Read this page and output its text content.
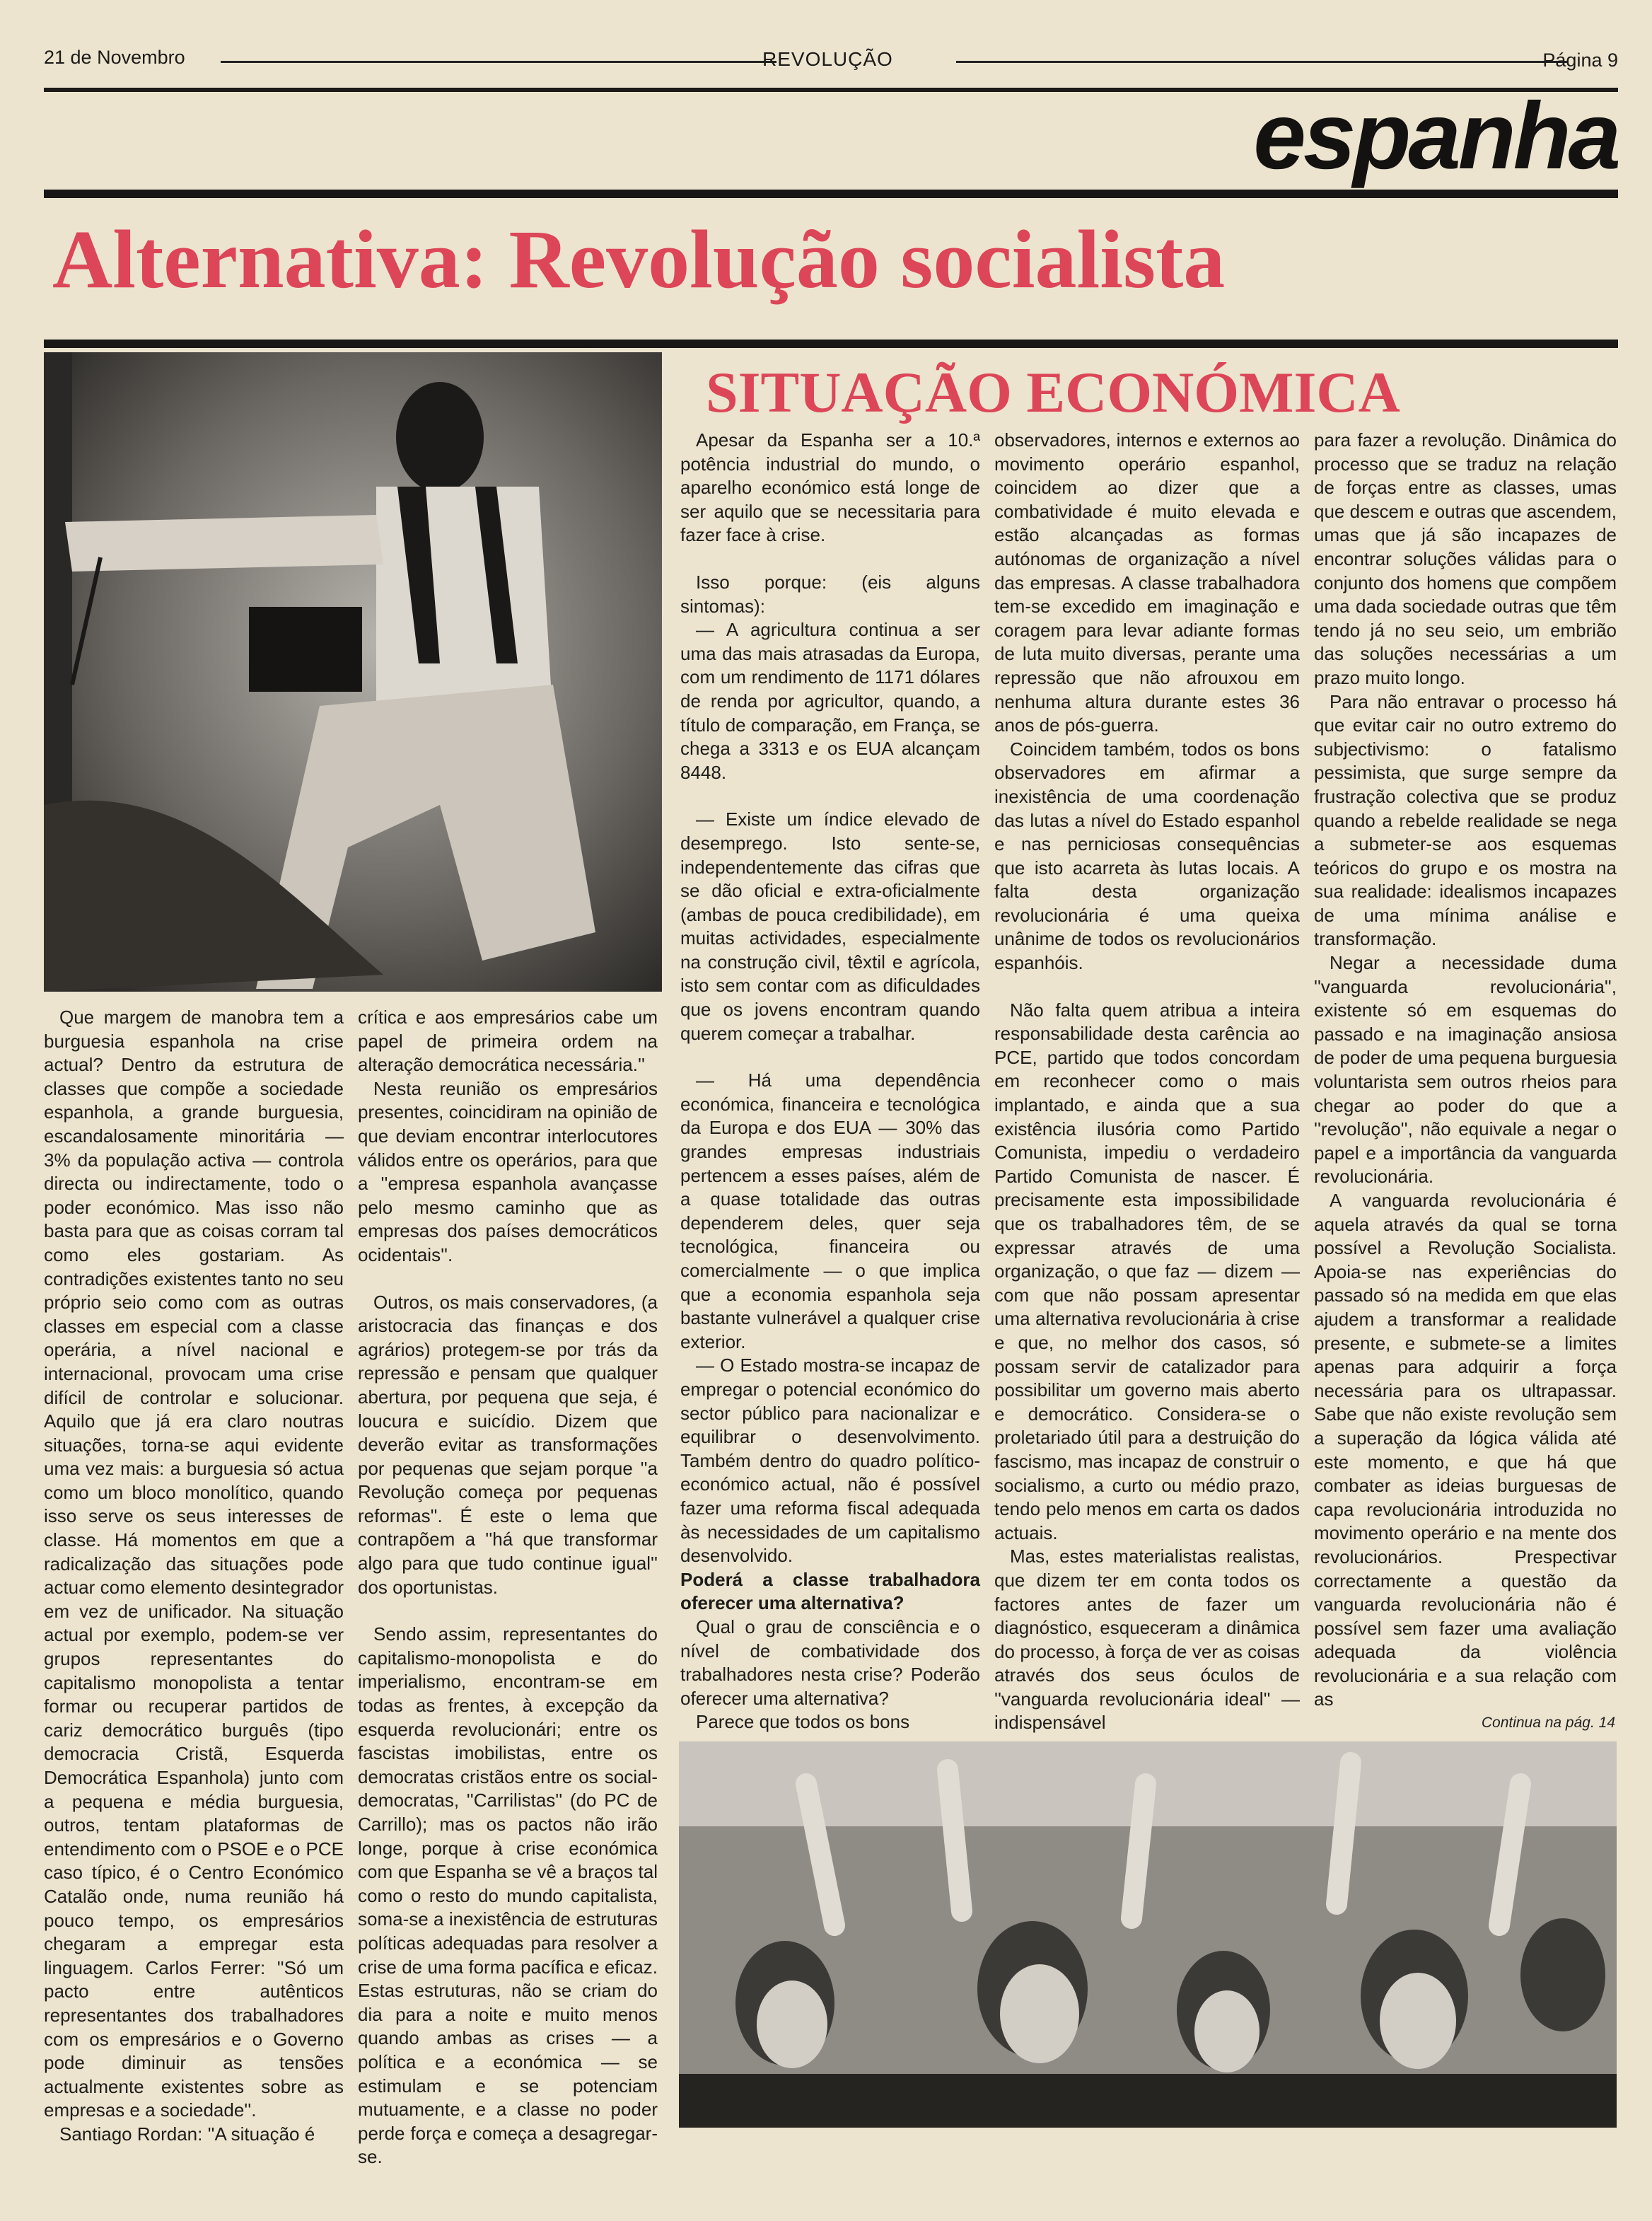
21 de Novembro	REVOLUÇÃO	Página 9
espanha
Alternativa: Revolução socialista
SITUAÇÃO ECONÓMICA

Que margem de manobra tem a burguesia espanhola na crise actual? Dentro da estrutura de classes que compõe a sociedade espanhola, a grande burguesia, escandalosamente minoritária — 3% da população activa — controla directa ou indirectamente, todo o poder económico. Mas isso não basta para que as coisas corram tal como eles gostariam. As contradições existentes tanto no seu próprio seio como com as outras classes em especial com a classe operária, a nível nacional e internacional, provocam uma crise difícil de controlar e solucionar. Aquilo que já era claro noutras situações, torna-se aqui evidente uma vez mais: a burguesia só actua como um bloco monolítico, quando isso serve os seus interesses de classe. Há momentos em que a radicalização das situações pode actuar como elemento desintegrador em vez de unificador. Na situação actual por exemplo, podem-se ver grupos representantes do capitalismo monopolista a tentar formar ou recuperar partidos de cariz democrático burguês (tipo democracia Cristã, Esquerda Democrática Espanhola) junto com a pequena e média burguesia, outros, tentam plataformas de entendimento com o PSOE e o PCE caso típico, é o Centro Económico Catalão onde, numa reunião há pouco tempo, os empresários chegaram a empregar esta linguagem. Carlos Ferrer: ''Só um pacto entre autênticos representantes dos trabalhadores com os empresários e o Governo pode diminuir as tensões actualmente existentes sobre as empresas e a sociedade''.

Santiago Rordan: ''A situação é

crítica e aos empresários cabe um papel de primeira ordem na alteração democrática necessária.''

Nesta reunião os empresários presentes, coincidiram na opinião de que deviam encontrar interlocutores válidos entre os operários, para que a ''empresa espanhola avançasse pelo mesmo caminho que as empresas dos países democráticos ocidentais''.

Outros, os mais conservadores, (a aristocracia das finanças e dos agrários) protegem-se por trás da repressão e pensam que qualquer abertura, por pequena que seja, é loucura e suicídio. Dizem que deverão evitar as transformações por pequenas que sejam porque ''a Revolução começa por pequenas reformas''. É este o lema que contrapõem a ''há que transformar algo para que tudo continue igual'' dos oportunistas.

Sendo assim, representantes do capitalismo-monopolista e do imperialismo, encontram-se em todas as frentes, à excepção da esquerda revolucionári; entre os fascistas imobilistas, entre os democratas cristãos entre os social-democratas, ''Carrilistas'' (do PC de Carrillo); mas os pactos não irão longe, porque à crise económica com que Espanha se vê a braços tal como o resto do mundo capitalista, soma-se a inexistência de estruturas políticas adequadas para resolver a crise de uma forma pacífica e eficaz. Estas estruturas, não se criam do dia para a noite e muito menos quando ambas as crises — a política e a económica — se estimulam e se potenciam mutuamente, e a classe no poder perde força e começa a desagregar-se.

Apesar da Espanha ser a 10.ª potência industrial do mundo, o aparelho económico está longe de ser aquilo que se necessitaria para fazer face à crise.

Isso porque: (eis alguns sintomas):

— A agricultura continua a ser uma das mais atrasadas da Europa, com um rendimento de 1171 dólares de renda por agricultor, quando, a título de comparação, em França, se chega a 3313 e os EUA alcançam 8448.

— Existe um índice elevado de desemprego. Isto sente-se, independentemente das cifras que se dão oficial e extra-oficialmente (ambas de pouca credibilidade), em muitas actividades, especialmente na construção civil, têxtil e agrícola, isto sem contar com as dificuldades que os jovens encontram quando querem começar a trabalhar.

— Há uma dependência económica, financeira e tecnológica da Europa e dos EUA — 30% das grandes empresas industriais pertencem a esses países, além de a quase totalidade das outras dependerem deles, quer seja tecnológica, financeira ou comercialmente — o que implica que a economia espanhola seja bastante vulnerável a qualquer crise exterior.

— O Estado mostra-se incapaz de empregar o potencial económico do sector público para nacionalizar e equilibrar o desenvolvimento. Também dentro do quadro político-económico actual, não é possível fazer uma reforma fiscal adequada às necessidades de um capitalismo desenvolvido.

Poderá a classe trabalhadora oferecer uma alternativa?

Qual o grau de consciência e o nível de combatividade dos trabalhadores nesta crise? Poderão oferecer uma alternativa?

Parece que todos os bons

observadores, internos e externos ao movimento operário espanhol, coincidem ao dizer que a combatividade é muito elevada e estão alcançadas as formas autónomas de organização a nível das empresas. A classe trabalhadora tem-se excedido em imaginação e coragem para levar adiante formas de luta muito diversas, perante uma repressão que não afrouxou em nenhuma altura durante estes 36 anos de pós-guerra.

Coincidem também, todos os bons observadores em afirmar a inexistência de uma coordenação das lutas a nível do Estado espanhol e nas perniciosas consequências que isto acarreta às lutas locais. A falta desta organização revolucionária é uma queixa unânime de todos os revolucionários espanhóis.

Não falta quem atribua a inteira responsabilidade desta carência ao PCE, partido que todos concordam em reconhecer como o mais implantado, e ainda que a sua existência ilusória como Partido Comunista, impediu o verdadeiro Partido Comunista de nascer. É precisamente esta impossibilidade que os trabalhadores têm, de se expressar através de uma organização, o que faz — dizem — com que não possam apresentar uma alternativa revolucionária à crise e que, no melhor dos casos, só possam servir de catalizador para possibilitar um governo mais aberto e democrático. Considera-se o proletariado útil para a destruição do fascismo, mas incapaz de construir o socialismo, a curto ou médio prazo, tendo pelo menos em carta os dados actuais.

Mas, estes materialistas realistas, que dizem ter em conta todos os factores antes de fazer um diagnóstico, esqueceram a dinâmica do processo, à força de ver as coisas através dos seus óculos de ''vanguarda revolucionária ideal'' — indispensável

para fazer a revolução. Dinâmica do processo que se traduz na relação de forças entre as classes, umas que descem e outras que ascendem, umas que já são incapazes de encontrar soluções válidas para o conjunto dos homens que compõem uma dada sociedade outras que têm tendo já no seu seio, um embrião das soluções necessárias a um prazo muito longo.

Para não entravar o processo há que evitar cair no outro extremo do subjectivismo: o fatalismo pessimista, que surge sempre da frustração colectiva que se produz quando a rebelde realidade se nega a submeter-se aos esquemas teóricos do grupo e os mostra na sua realidade: idealismos incapazes de uma mínima análise e transformação.

Negar a necessidade duma ''vanguarda revolucionária'', existente só em esquemas do passado e na imaginação ansiosa de poder de uma pequena burguesia voluntarista sem outros rheios para chegar ao poder do que a ''revolução'', não equivale a negar o papel e a importância da vanguarda revolucionária.

A vanguarda revolucionária é aquela através da qual se torna possível a Revolução Socialista. Apoia-se nas experiências do passado só na medida em que elas ajudem a transformar a realidade presente, e submete-se a limites apenas para adquirir a força necessária para os ultrapassar. Sabe que não existe revolução sem a superação da lógica válida até este momento, e que há que combater as ideias burguesas de capa revolucionária introduzida no movimento operário e na mente dos revolucionários. Prespectivar correctamente a questão da vanguarda revolucionária não é possível sem fazer uma avaliação adequada da violência revolucionária e a sua relação com as

Continua na pág. 14
